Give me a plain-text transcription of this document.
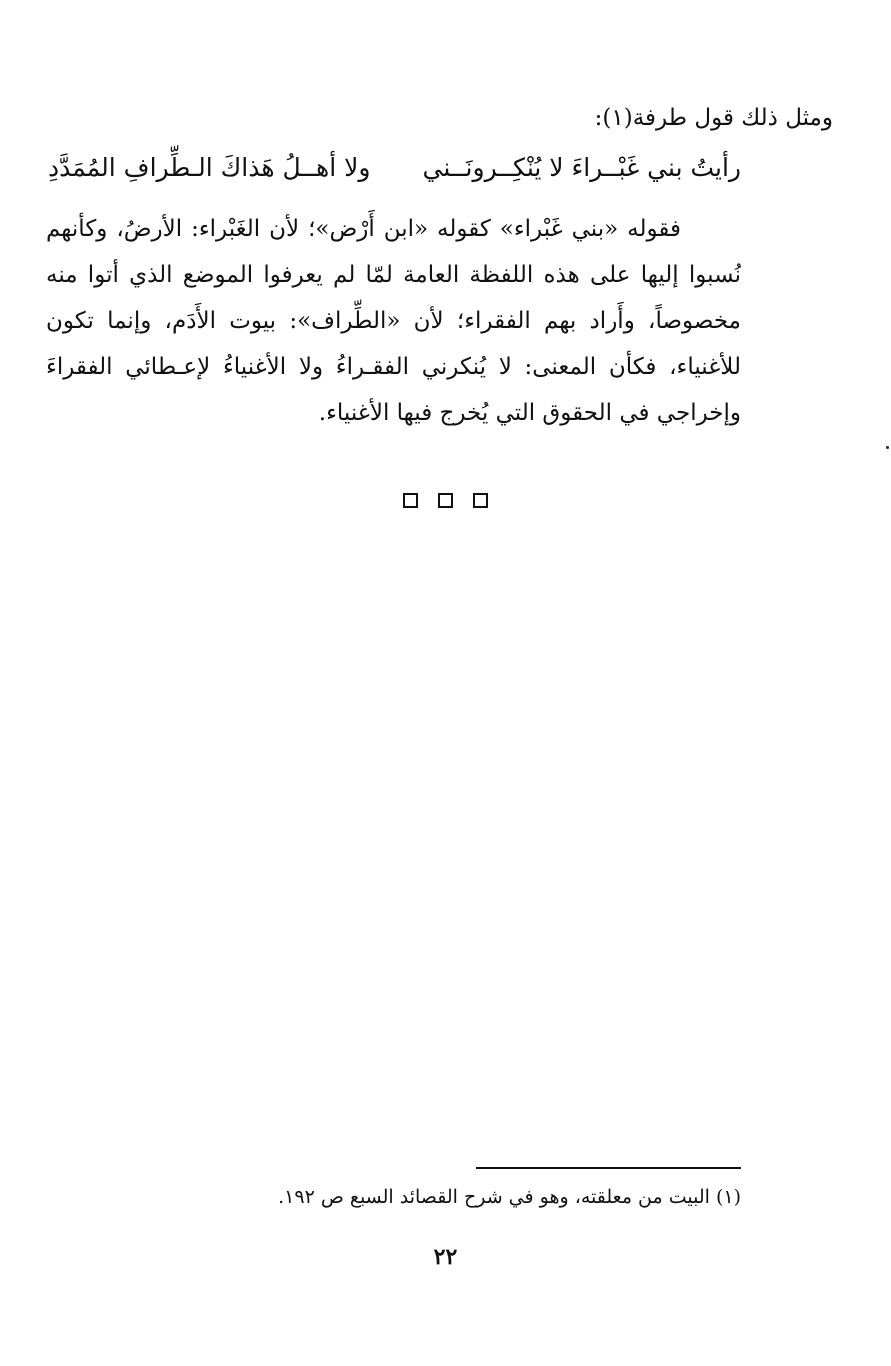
ومثل ذلك قول طرفة(١):
رأيتُ بني غَبْــراءَ لا يُنْكِــرونَــني
ولا أهــلُ هَذاكَ الـطِّرافِ المُمَدَّدِ
فقوله «بني غَبْراء» كقوله «ابن أَرْض»؛ لأن الغَبْراء: الأرضُ، وكأنهم
نُسبوا إليها على هذه اللفظة العامة لمّا لم يعرفوا الموضع الذي أتوا منه
مخصوصاً، وأَراد بهم الفقراء؛ لأن «الطِّراف»: بيوت الأَدَم، وإنما تكون
للأغنياء، فكأن المعنى: لا يُنكرني الفقـراءُ ولا الأغنياءُ لإعـطائي الفقراءَ
وإخراجي في الحقوق التي يُخرج فيها الأغنياء.

(١) البيت من معلقته، وهو في شرح القصائد السبع ص ١٩٢.
٢٢
